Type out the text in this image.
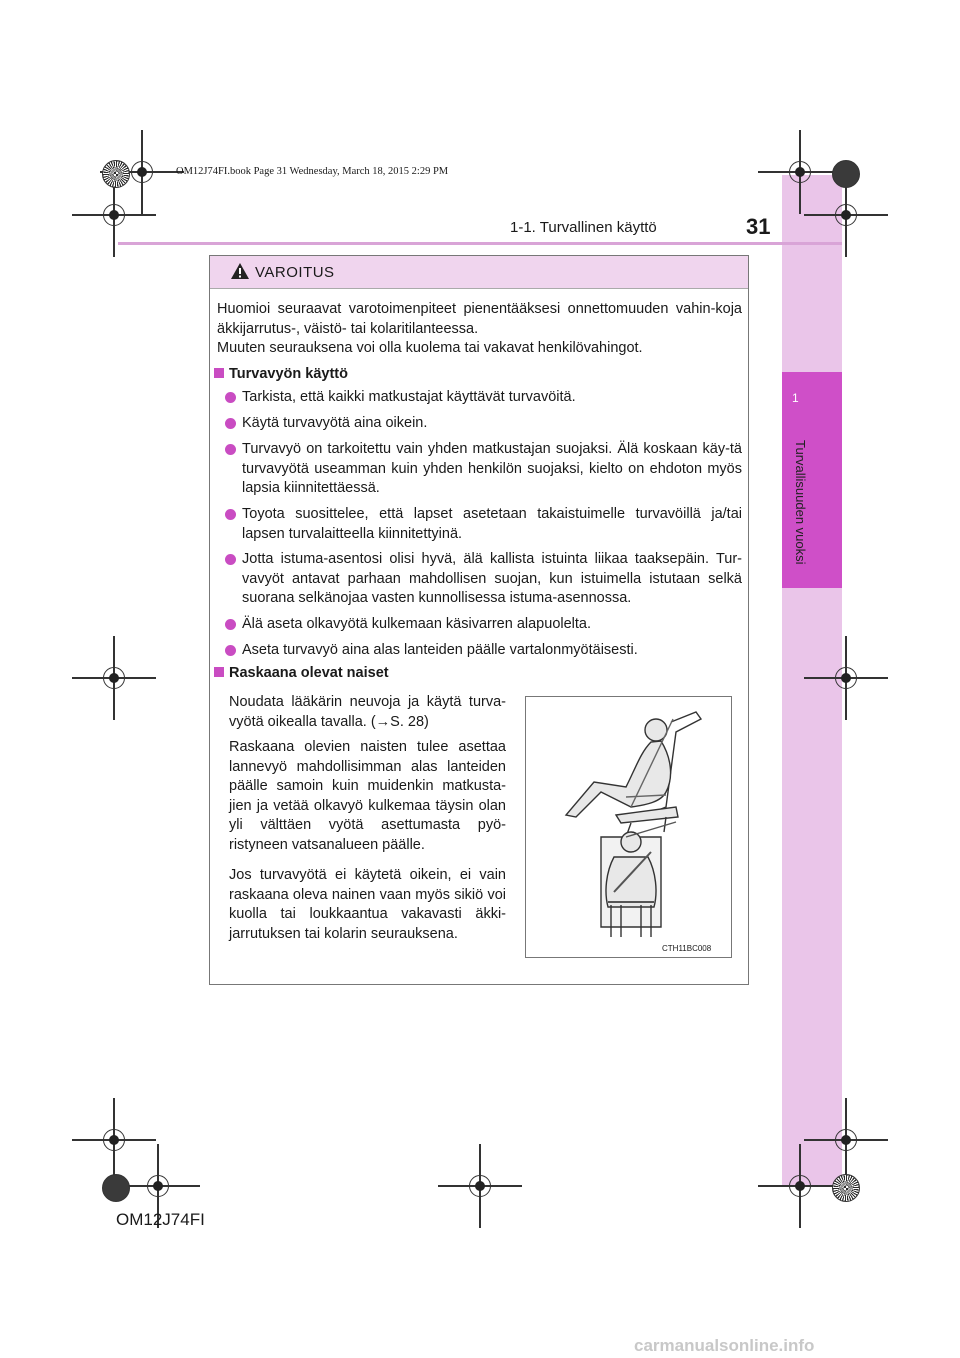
1
Turvallisuuden vuoksi
OM12J74FI.book Page 31 Wednesday, March 18, 2015 2:29 PM
1-1. Turvallinen käyttö	31
VAROITUS
Huomioi seuraavat varotoimenpiteet pienentääksesi onnettomuuden vahin-koja äkkijarrutus-, väistö- tai kolaritilanteessa.
Muuten seurauksena voi olla kuolema tai vakavat henkilövahingot.
Turvavyön käyttö
Tarkista, että kaikki matkustajat käyttävät turvavöitä.
Käytä turvavyötä aina oikein.
Turvavyö on tarkoitettu vain yhden matkustajan suojaksi. Älä koskaan käy-tä turvavyötä useamman kuin yhden henkilön suojaksi, kielto on ehdoton myös lapsia kiinnitettäessä.
Toyota suosittelee, että lapset asetetaan takaistuimelle turvavöillä ja/tai lapsen turvalaitteella kiinnitettyinä.
Jotta istuma-asentosi olisi hyvä, älä kallista istuinta liikaa taaksepäin. Tur-vavyöt antavat parhaan mahdollisen suojan, kun istuimella istutaan selkä suorana selkänojaa vasten kunnollisessa istuma-asennossa.
Älä aseta olkavyötä kulkemaan käsivarren alapuolelta.
Aseta turvavyö aina alas lanteiden päälle vartalonmyötäisesti.
Raskaana olevat naiset
Noudata lääkärin neuvoja ja käytä turva-vyötä oikealla tavalla. (→S. 28)
Raskaana olevien naisten tulee asettaa lannevyö mahdollisimman alas lanteiden päälle samoin kuin muidenkin matkusta-jien ja vetää olkavyö kulkemaa täysin olan yli välttäen vyötä asettumasta pyö-ristyneen vatsanalueen päälle.
Jos turvavyötä ei käytetä oikein, ei vain raskaana oleva nainen vaan myös sikiö voi kuolla tai loukkaantua vakavasti äkki-jarrutuksen tai kolarin seurauksena.
CTH11BC008
OM12J74FI
carmanualsonline.info
